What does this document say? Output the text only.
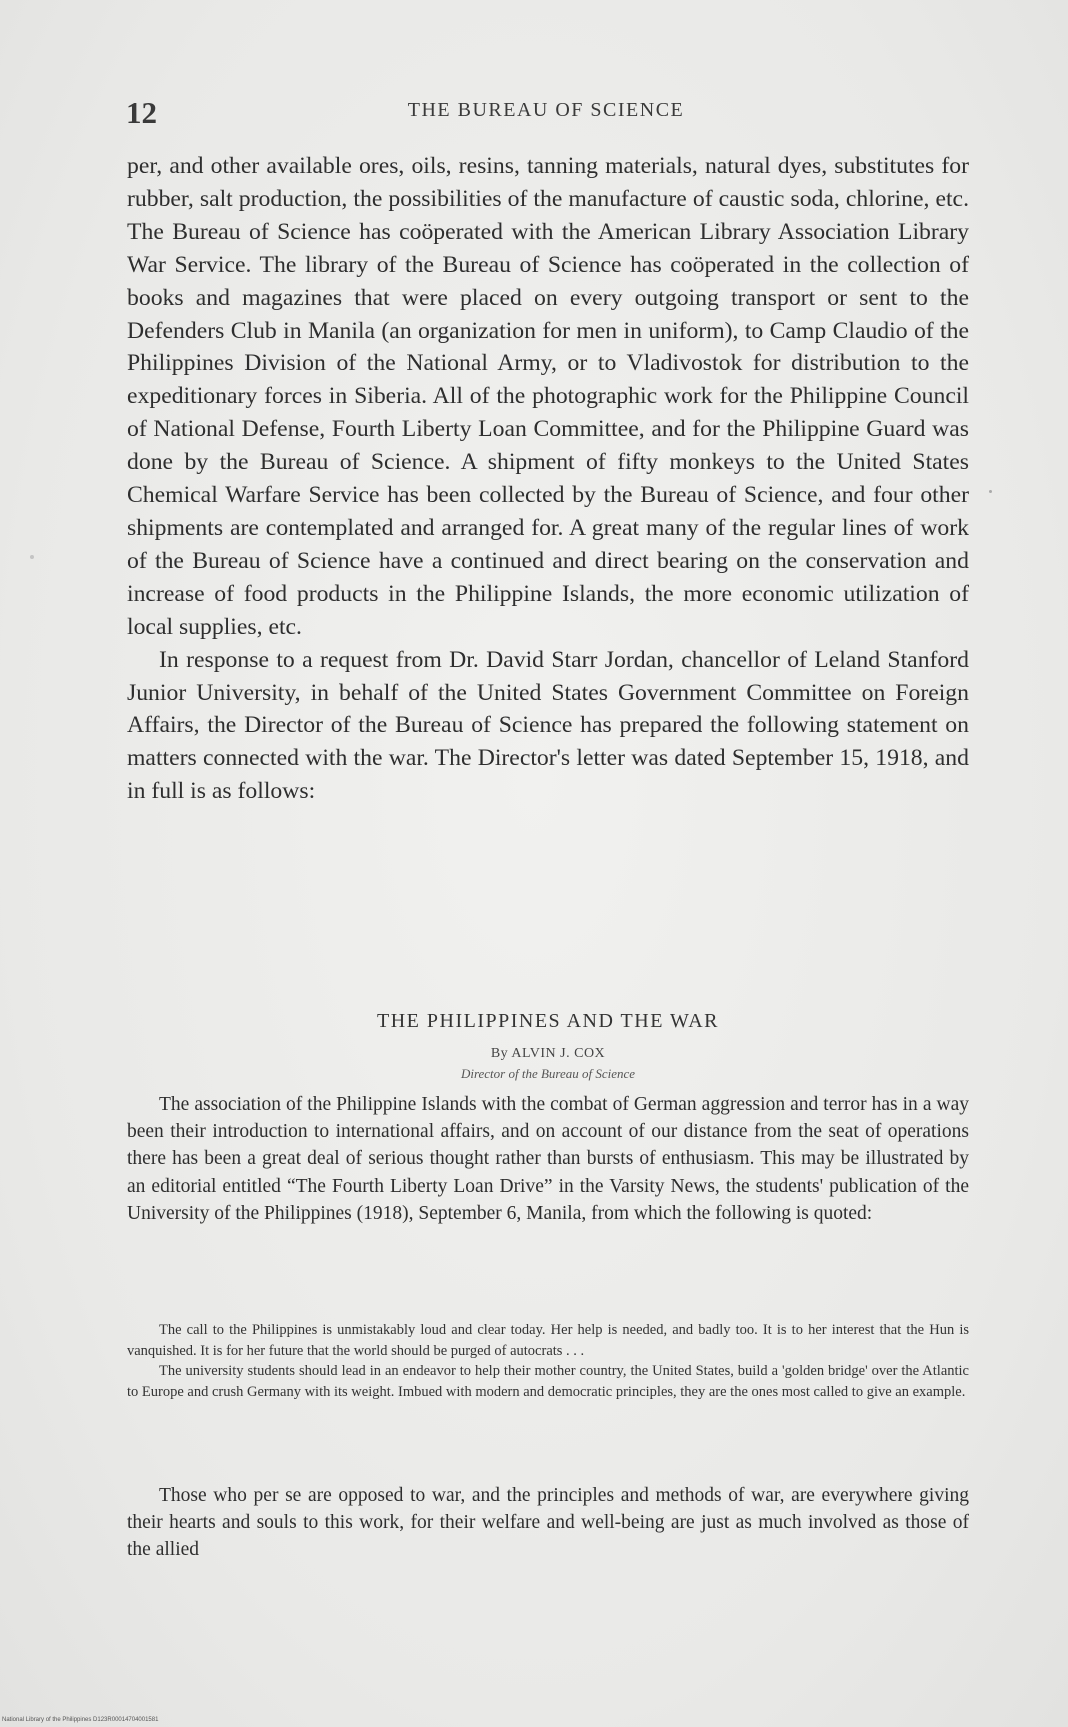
12	THE BUREAU OF SCIENCE

per, and other available ores, oils, resins, tanning materials, natural dyes, substitutes for rubber, salt production, the possibilities of the manufacture of caustic soda, chlorine, etc. The Bureau of Science has coöperated with the American Library Association Library War Service. The library of the Bureau of Science has coöperated in the collection of books and magazines that were placed on every outgoing transport or sent to the Defenders Club in Manila (an organization for men in uniform), to Camp Claudio of the Philippines Division of the National Army, or to Vladivostok for distribution to the expeditionary forces in Siberia. All of the photographic work for the Philippine Council of National Defense, Fourth Liberty Loan Committee, and for the Philippine Guard was done by the Bureau of Science. A shipment of fifty monkeys to the United States Chemical Warfare Service has been collected by the Bureau of Science, and four other shipments are contemplated and arranged for. A great many of the regular lines of work of the Bureau of Science have a continued and direct bearing on the conservation and increase of food products in the Philippine Islands, the more economic utilization of local supplies, etc.

In response to a request from Dr. David Starr Jordan, chancellor of Leland Stanford Junior University, in behalf of the United States Government Committee on Foreign Affairs, the Director of the Bureau of Science has prepared the following statement on matters connected with the war. The Director's letter was dated September 15, 1918, and in full is as follows:

THE PHILIPPINES AND THE WAR
By ALVIN J. COX
Director of the Bureau of Science

The association of the Philippine Islands with the combat of German aggression and terror has in a way been their introduction to international affairs, and on account of our distance from the seat of operations there has been a great deal of serious thought rather than bursts of enthusiasm. This may be illustrated by an editorial entitled “The Fourth Liberty Loan Drive” in the Varsity News, the students' publication of the University of the Philippines (1918), September 6, Manila, from which the following is quoted:

The call to the Philippines is unmistakably loud and clear today. Her help is needed, and badly too. It is to her interest that the Hun is vanquished. It is for her future that the world should be purged of autocrats . . .

The university students should lead in an endeavor to help their mother country, the United States, build a 'golden bridge' over the Atlantic to Europe and crush Germany with its weight. Imbued with modern and democratic principles, they are the ones most called to give an example.

Those who per se are opposed to war, and the principles and methods of war, are everywhere giving their hearts and souls to this work, for their welfare and well-being are just as much involved as those of the allied

National Library of the Philippines D123R00014704001581
